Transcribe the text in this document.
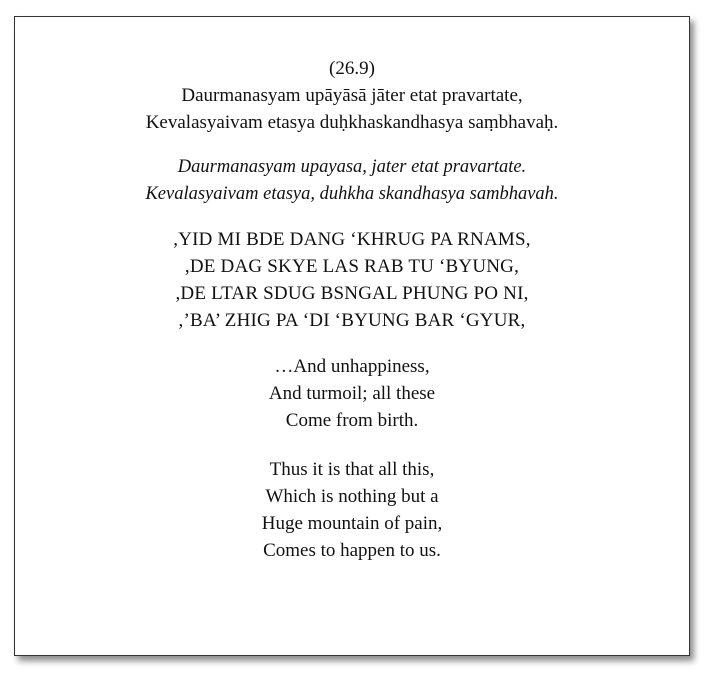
(26.9)
Daurmanasyam upāyāsā jāter etat pravartate,
Kevalasyaivam etasya duḥkhaskandhasya saṃbhavaḥ.
Daurmanasyam upayasa, jater etat pravartate.
Kevalasyaivam etasya, duhkha skandhasya sambhavah.
,YID MI BDE DANG ‘KHRUG PA RNAMS,
,DE DAG SKYE LAS RAB TU ‘BYUNG,
,DE LTAR SDUG BSNGAL PHUNG PO NI,
,’BA’ ZHIG PA ‘DI ‘BYUNG BAR ‘GYUR,
…And unhappiness,
And turmoil; all these
Come from birth.
Thus it is that all this,
Which is nothing but a
Huge mountain of pain,
Comes to happen to us.
